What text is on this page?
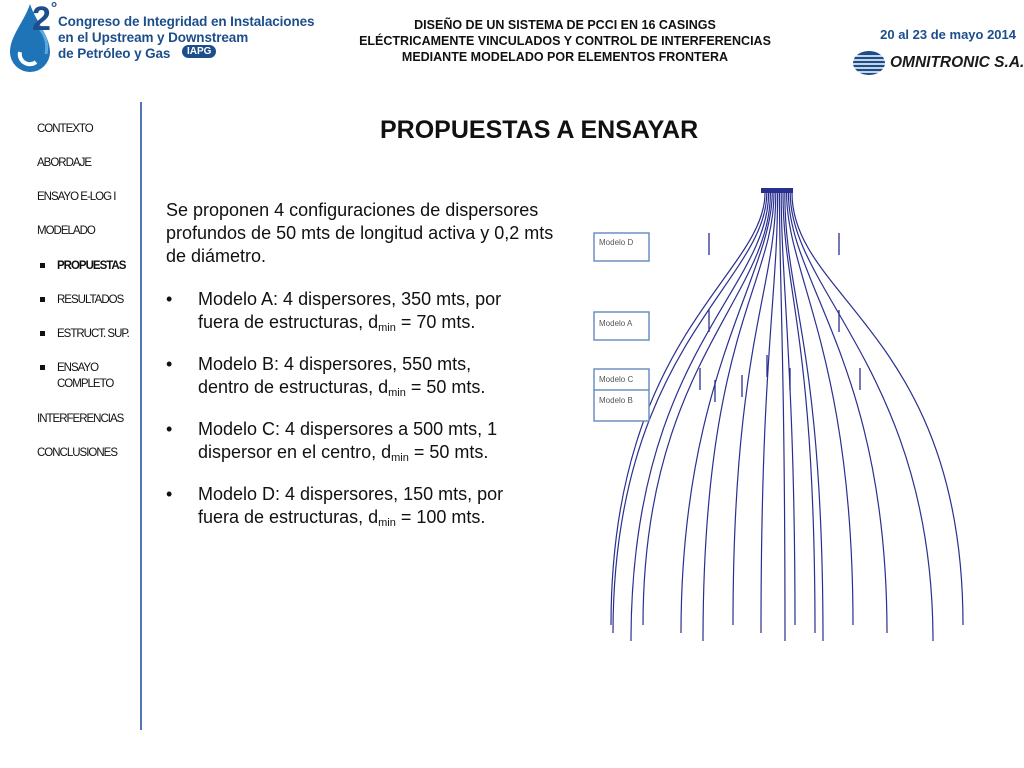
2°
Congreso de Integridad en Instalaciones
en el Upstream y Downstream
de Petróleo y Gas	IAPG
DISEÑO DE UN SISTEMA DE PCCI EN 16 CASINGS
ELÉCTRICAMENTE VINCULADOS Y CONTROL DE INTERFERENCIAS
MEDIANTE MODELADO POR ELEMENTOS FRONTERA
20 al 23 de mayo 2014
OMNITRONIC S.A.
CONTEXTO
ABORDAJE
ENSAYO E-LOG I
MODELADO
PROPUESTAS
RESULTADOS
ESTRUCT. SUP.
ENSAYO
COMPLETO
INTERFERENCIAS
CONCLUSIONES
PROPUESTAS A ENSAYAR
Se proponen 4 configuraciones de dispersores profundos de 50 mts de longitud activa y 0,2 mts de diámetro.
• Modelo A: 4 dispersores, 350 mts, por
fuera de estructuras, $d_{min} = 70$ mts.
• Modelo B: 4 dispersores, 550 mts,
dentro de estructuras, $d_{min} = 50$ mts.
• Modelo C: 4 dispersores a 500 mts, 1
dispersor en el centro, $d_{min} = 50$ mts.
• Modelo D: 4 dispersores, 150 mts, por
fuera de estructuras, $d_{min} = 100$ mts.
Modelo D
Modelo A
Modelo C
Modelo B
